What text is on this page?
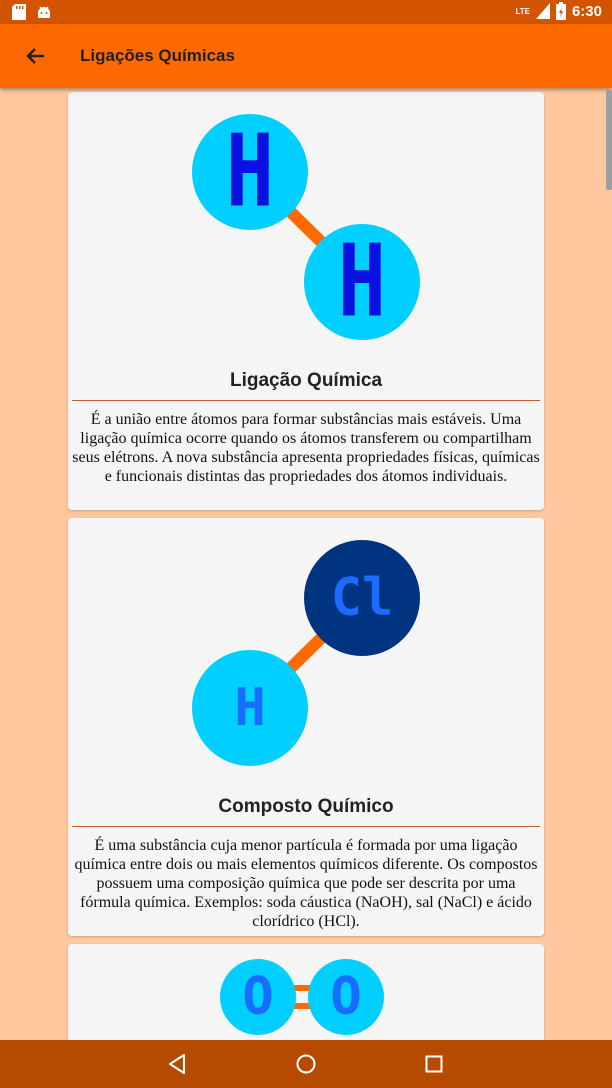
LTE	6:30
Ligações Químicas
H
H
Ligação Química
É a união entre átomos para formar substâncias mais estáveis. Uma ligação química ocorre quando os átomos transferem ou compartilham seus elétrons. A nova substância apresenta propriedades físicas, químicas e funcionais distintas das propriedades dos átomos individuais.
Cl
H
Composto Químico
É uma substância cuja menor partícula é formada por uma ligação química entre dois ou mais elementos químicos diferente. Os compostos possuem uma composição química que pode ser descrita por uma fórmula química. Exemplos: soda cáustica (NaOH), sal (NaCl) e ácido clorídrico (HCl).
O O
